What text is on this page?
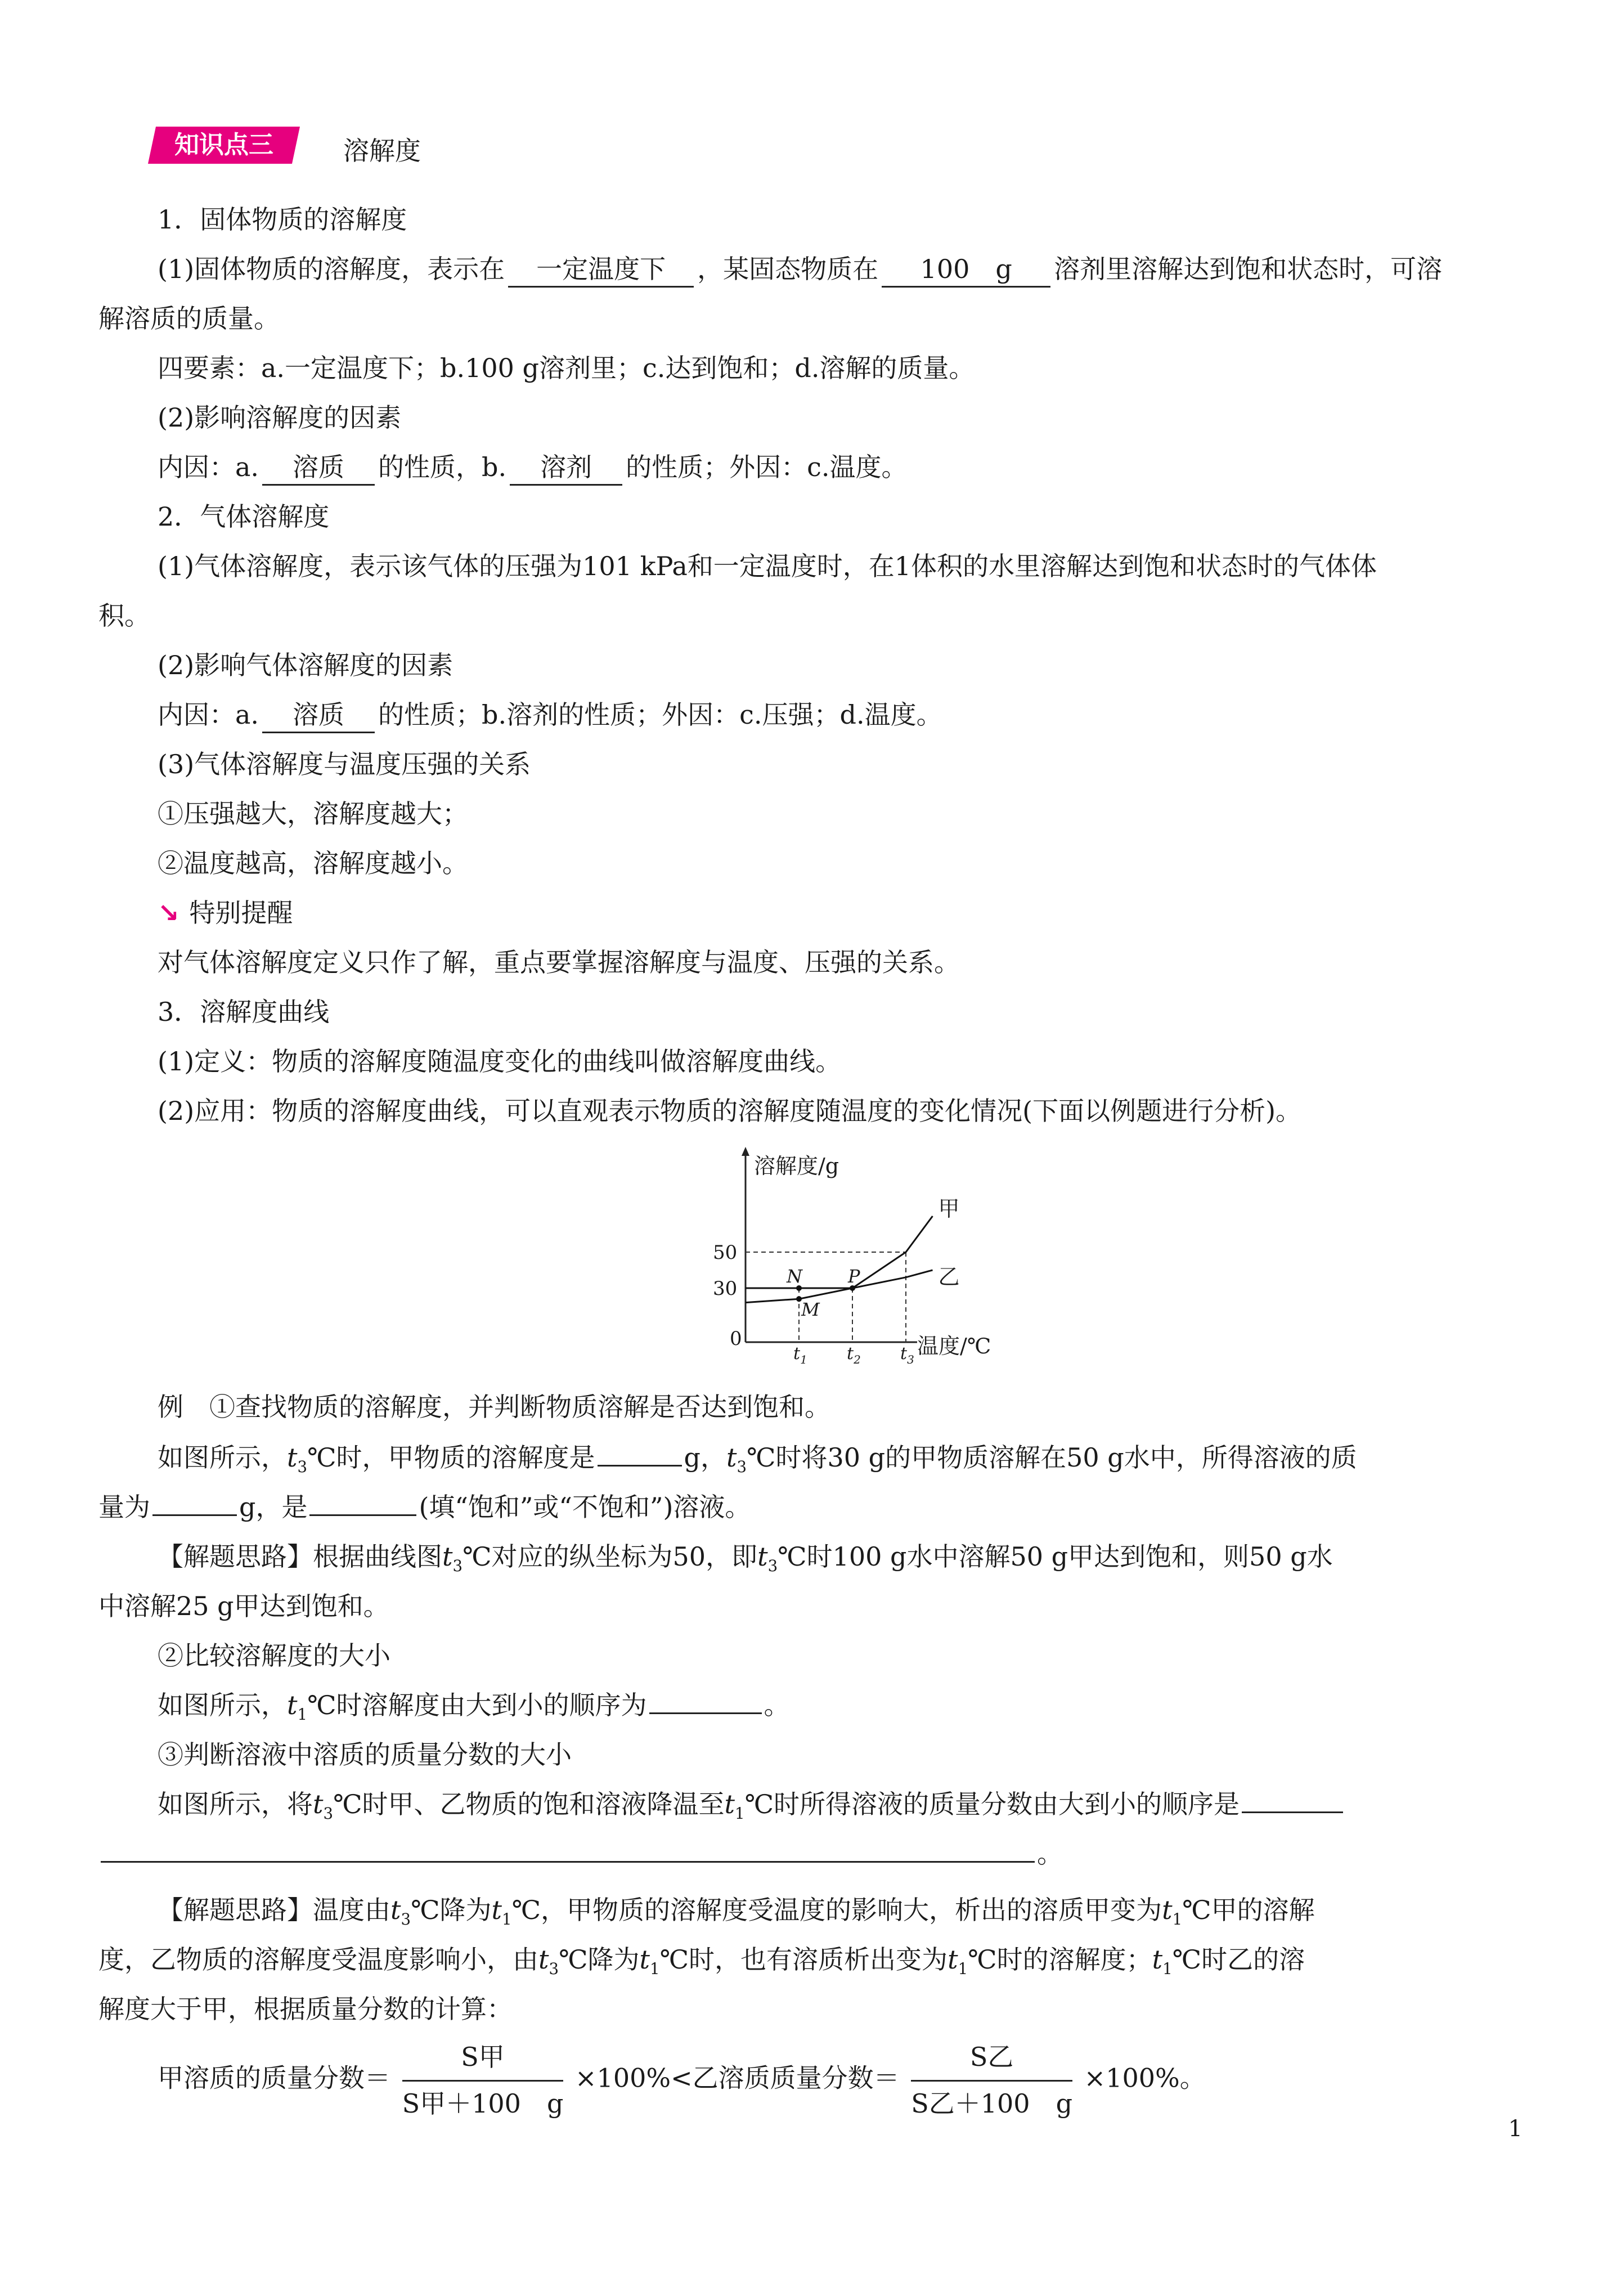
知识点三	溶解度
1．固体物质的溶解度
(1)固体物质的溶解度，表示在 一定温度下 ，某固态物质在 100　g 溶剂里溶解达到饱和状态时，可溶
解溶质的质量。
四要素：a.一定温度下；b.100 g溶剂里；c.达到饱和；d.溶解的质量。
(2)影响溶解度的因素
内因：a. 溶质 的性质，b. 溶剂 的性质；外因：c.温度。
2．气体溶解度
(1)气体溶解度，表示该气体的压强为101 kPa和一定温度时，在1体积的水里溶解达到饱和状态时的气体体
积。
(2)影响气体溶解度的因素
内因：a. 溶质 的性质；b.溶剂的性质；外因：c.压强；d.温度。
(3)气体溶解度与温度压强的关系
①压强越大，溶解度越大；
②温度越高，溶解度越小。
↘ 特别提醒
对气体溶解度定义只作了解，重点要掌握溶解度与温度、压强的关系。
3．溶解度曲线
(1)定义：物质的溶解度随温度变化的曲线叫做溶解度曲线。
(2)应用：物质的溶解度曲线，可以直观表示物质的溶解度随温度的变化情况(下面以例题进行分析)。
溶解度/g
温度/℃
0
30
50
$t_1$ $t_2$ $t_3$
甲
乙
N
M
P
例　①查找物质的溶解度，并判断物质溶解是否达到饱和。
如图所示，$t_3℃$时，甲物质的溶解度是	g，$t_3℃$时将30 g的甲物质溶解在50 g水中，所得溶液的质
量为	g，是	(填“饱和”或“不饱和”)溶液。
【解题思路】根据曲线图$t_3℃$对应的纵坐标为50，即$t_3℃$时100 g水中溶解50 g甲达到饱和，则50 g水
中溶解25 g甲达到饱和。
②比较溶解度的大小
如图所示，$t_1℃$时溶解度由大到小的顺序为	。
③判断溶液中溶质的质量分数的大小
如图所示，将$t_3℃$时甲、乙物质的饱和溶液降温至$t_1℃$时所得溶液的质量分数由大到小的顺序是
。
【解题思路】温度由$t_3℃$降为$t_1℃$，甲物质的溶解度受温度的影响大，析出的溶质甲变为$t_1℃$甲的溶解
度，乙物质的溶解度受温度影响小，由$t_3℃$降为$t_1℃$时，也有溶质析出变为$t_1℃$时的溶解度；$t_1℃$时乙的溶
解度大于甲，根据质量分数的计算：
甲溶质的质量分数＝ $\frac{\text{S甲}}{\text{S甲＋100　g}} \times 100\%<$乙溶质质量分数＝ $\frac{\text{S乙}}{\text{S乙＋100　g}} \times 100\%$。
1
